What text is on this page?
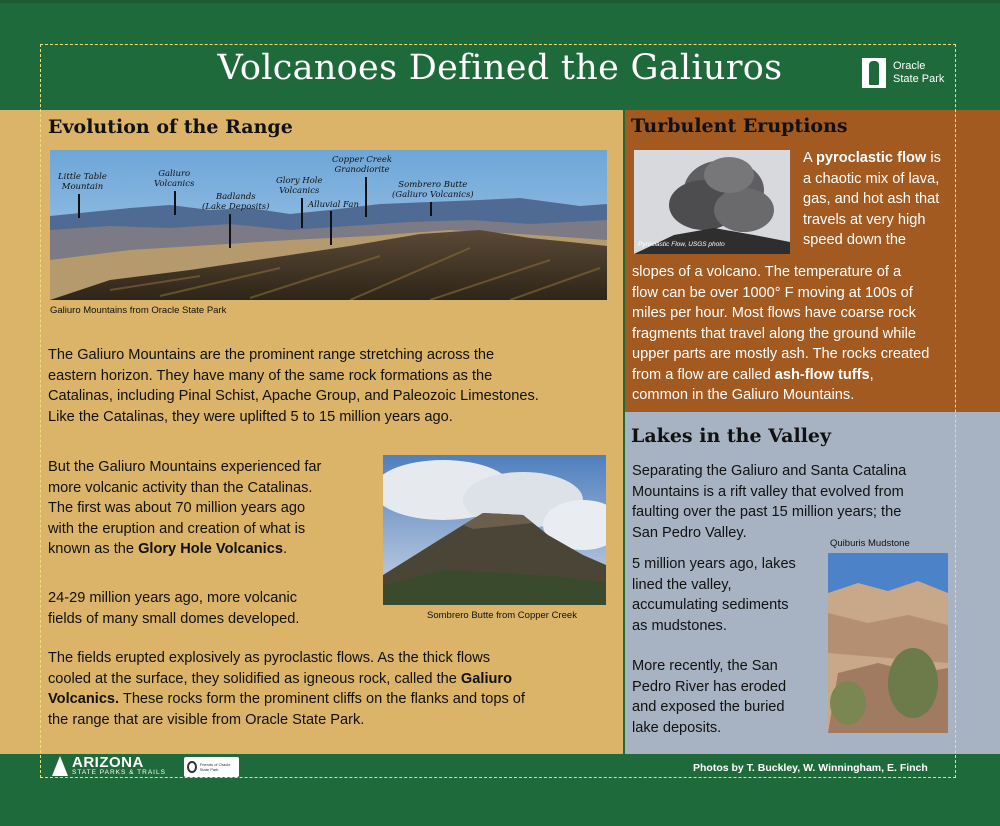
Volcanoes Defined the Galiuros	Oracle
State Park
Evolution of the Range
Little Table
Mountain
Galiuro
Volcanics
Badlands
(Lake Deposits)
Glory Hole
Volcanics
Alluvial Fan
Copper Creek
Granodiorite
Sombrero Butte
(Galiuro Volcanics)
Galiuro Mountains from Oracle State Park
The Galiuro Mountains are the prominent range stretching across the
eastern horizon. They have many of the same rock formations as the
Catalinas, including Pinal Schist, Apache Group, and Paleozoic Limestones.
Like the Catalinas, they were uplifted 5 to 15 million years ago.
But the Galiuro Mountains experienced far
more volcanic activity than the Catalinas.
The first was about 70 million years ago
with the eruption and creation of what is
known as the Glory Hole Volcanics.
24-29 million years ago, more volcanic
fields of many small domes developed.	Sombrero Butte from Copper Creek
The fields erupted explosively as pyroclastic flows. As the thick flows
cooled at the surface, they solidified as igneous rock, called the Galiuro
Volcanics. These rocks form the prominent cliffs on the flanks and tops of
the range that are visible from Oracle State Park.
Turbulent Eruptions
Pyroclastic Flow, USGS photo
A pyroclastic flow is
a chaotic mix of lava,
gas, and hot ash that
travels at very high
speed down the
slopes of a volcano. The temperature of a
flow can be over 1000° F moving at 100s of
miles per hour. Most flows have coarse rock
fragments that travel along the ground while
upper parts are mostly ash. The rocks created
from a flow are called ash-flow tuffs,
common in the Galiuro Mountains.
Lakes in the Valley
Separating the Galiuro and Santa Catalina
Mountains is a rift valley that evolved from
faulting over the past 15 million years; the
San Pedro Valley.
Quiburis Mudstone
5 million years ago, lakes
lined the valley,
accumulating sediments
as mudstones.
More recently, the San
Pedro River has eroded
and exposed the buried
lake deposits.
ARIZONA
STATE PARKS & TRAILS
Friends of Oracle State Park	Photos by T. Buckley, W. Winningham, E. Finch
